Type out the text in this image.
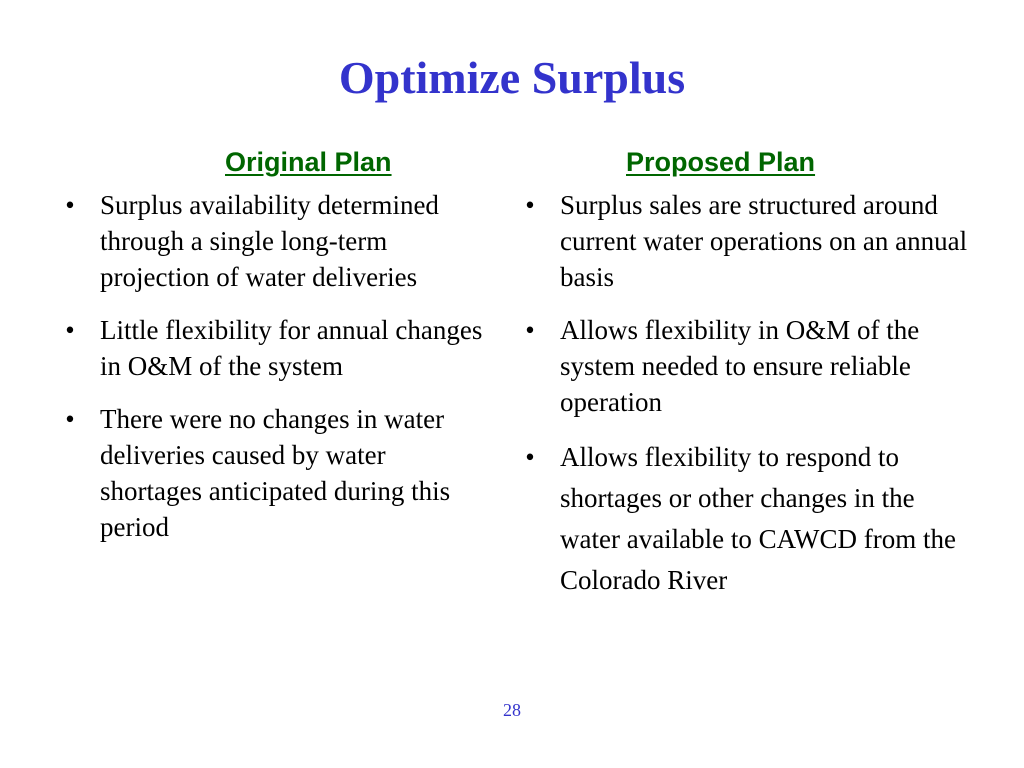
Optimize Surplus
Original Plan
• Surplus availability determined through a single long-term projection of water deliveries
• Little flexibility for annual changes in O&M of the system
• There were no changes in water deliveries caused by water shortages anticipated during this period
Proposed Plan
• Surplus sales are structured around current water operations on an annual basis
• Allows flexibility in O&M of the system needed to ensure reliable operation
• Allows flexibility to respond to shortages or other changes in the water available to CAWCD from the Colorado River
28
